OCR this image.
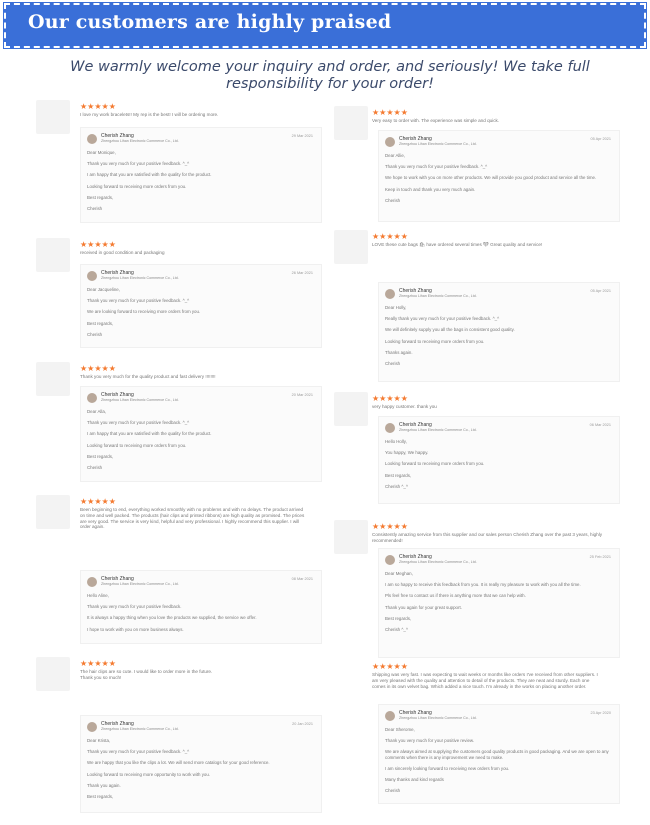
Our customers are highly praised
We warmly welcome your inquiry and order, and seriously! We take full responsibility for your order!
★★★★★
I love my work bracelets!! My rep is the best! I will be ordering more.
Cherish Zhang
Zhengzhou Lihan Electronic Commerce Co., Ltd.
29 Mar 2021
Dear Monique,
Thank you very much for your positive feedback. ^_^
I am happy that you are satisfied with the quality for the product.
Looking forward to receiving more orders from you.
Best regards,
Cherish
★★★★★
received in good condition and packaging
Cherish Zhang
Zhengzhou Lihan Electronic Commerce Co., Ltd.
26 Mar 2021
Dear Jacqueline,
Thank you very much for your positive feedback. ^_^
We are looking forward to receiving more orders from you.
Best regards,
Cherish
★★★★★
Thank you very much for the quality product and fast delivery !!!!!!!!
Cherish Zhang
Zhengzhou Lihan Electronic Commerce Co., Ltd.
20 Mar 2021
Dear Alla,
Thank you very much for your positive feedback. ^_^
I am happy that you are satisfied with the quality for the product.
Looking forward to receiving more orders from you.
Best regards,
Cherish
★★★★★
Been beginning to end, everything worked smoothly with no problems and with no delays. The product arrived on time and well packed. The products (hair clips and printed ribbons) are high quality as promised. The prices are very good. The service is very kind, helpful and very professional. I highly recommend this supplier. I will order again.
Cherish Zhang
Zhengzhou Lihan Electronic Commerce Co., Ltd.
08 Mar 2021
Hello Aline,
Thank you very much for your positive feedback.
It is always a happy thing when you love the products we supplied, the service we offer.
I hope to work with you on more business always.
★★★★★
The hair clips are so cute. I would like to order more in the future. Thank you so much!
Cherish Zhang
Zhengzhou Lihan Electronic Commerce Co., Ltd.
20 Jan 2021
Dear Krista,
Thank you very much for your positive feedback. ^_^
We are happy that you like the clips a lot. We will send more catalogs for your good reference.
Looking forward to receiving more opportunity to work with you.
Thank you again.
Best regards,
★★★★★
Very easy to order with. The experience was simple and quick.
Cherish Zhang
Zhengzhou Lihan Electronic Commerce Co., Ltd.
05 Apr 2021
Dear Allie,
Thank you very much for your positive feedback. ^_^
We hope to work with you on more other products. We will provide you good product and service all the time.
Keep in touch and thank you very much again.
Cherish
★★★★★
LOVE these cute bags 🛍 have ordered several times ❤ Great quality and service!
Cherish Zhang
Zhengzhou Lihan Electronic Commerce Co., Ltd.
05 Apr 2021
Dear Holly,
Really thank you very much for your positive feedback. ^_^
We will definitely supply you all the bags in consistent good quality.
Looking forward to receiving more orders from you.
Thanks again.
Cherish
★★★★★
very happy customer. thank you
Cherish Zhang
Zhengzhou Lihan Electronic Commerce Co., Ltd.
06 Mar 2021
Hello Holly,
You happy, We happy.
Looking forward to receiving more orders from you.
Best regards,
Cherish ^_^
★★★★★
Consistently amazing service from this supplier and our sales person Cherish Zhang over the past 3 years, highly recommended!
Cherish Zhang
Zhengzhou Lihan Electronic Commerce Co., Ltd.
25 Feb 2021
Dear Meghan,
I am so happy to receive this feedback from you. It is really my pleasure to work with you all the time.
Pls feel free to contact us if there is anything more that we can help with.
Thank you again for your great support.
Best regards,
Cherish ^_^
★★★★★
Shipping was very fast. I was expecting to wait weeks or months like orders I've received from other suppliers. I am very pleased with the quality and attention to detail of the products. They are neat and sturdy. Each one comes in its own velvet bag. Which added a nice touch. I'm already in the works on placing another order.
Cherish Zhang
Zhengzhou Lihan Electronic Commerce Co., Ltd.
23 Apr 2020
Dear Sherome,
Thank you very much for your positive review.
We are always aimed at supplying the customers good quality products in good packaging. And we are open to any comments when there is any improvement we need to make.
I am sincerely looking forward to receiving new orders from you.
Many thanks and kind regards
Cherish
